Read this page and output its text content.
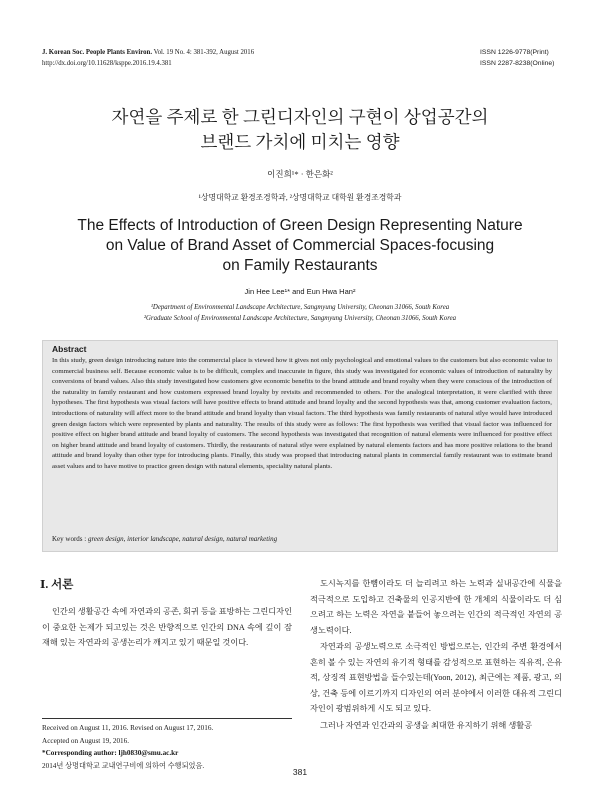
J. Korean Soc. People Plants Environ. Vol. 19 No. 4: 381-392, August 2016
http://dx.doi.org/10.11628/ksppe.2016.19.4.381
ISSN 1226-9778(Print)
ISSN 2287-8238(Online)
자연을 주제로 한 그린디자인의 구현이 상업공간의
브랜드 가치에 미치는 영향
이진희¹* · 한은화²
¹상명대학교 환경조경학과, ²상명대학교 대학원 환경조경학과
The Effects of Introduction of Green Design Representing Nature
on Value of Brand Asset of Commercial Spaces-focusing
on Family Restaurants
Jin Hee Lee¹* and Eun Hwa Han²
¹Department of Environmental Landscape Architecture, Sangmyung University, Cheonan 31066, South Korea
²Graduate School of Environmental Landscape Architecture, Sangmyung University, Cheonan 31066, South Korea
Abstract
In this study, green design introducing nature into the commercial place is viewed how it gives not only psychological and emotional values to the customers but also economic value to commercial business self. Because economic value is to be difficult, complex and inaccurate in figure, this study was investigated for economic values of introduction of naturality by conversions of brand values. Also this study investigated how customers give economic benefits to the brand attitude and brand royalty when they were conscious of the introduction of the naturality in family restaurant and how customers expressed brand loyalty by revisits and recommended to others. For the analogical interpretation, it were clarified with three hypotheses. The first hypothesis was visual factors will have positive effects to brand attitude and brand loyalty and the second hypothesis was that, among customer evaluation factors, introductions of naturality will affect more to the brand attitude and brand loyalty than visual factors. The third hypothesis was family restaurants of natural stlye would have introduced green design factors which were represented by plants and naturality. The results of this study were as follows: The first hypothesis was verified that visual factor was influenced for positive effect on higher brand attitude and brand loyalty of customers. The second hypothesis was investigated that recognition of natural elements were influenced for positive effect on higher brand attitude and brand loyalty of customers. Thirdly, the restaurants of natural stlye were explained by natural elements factors and has more positive relations to the brand attitude and brand loyalty than other type for introducing plants. Finally, this study was propsed that introducing natural plants in commercial family restaurant was to estimate brand asset values and to have motive to practice green design with natural elements, speciality natural plants.
Key words : green design, interior landscape, natural design, natural marketing
Ⅰ. 서론
인간의 생활공간 속에 자연과의 공존, 회귀 등을 표방하는 그린디자인이 중요한 논제가 되고있는 것은 반향적으로 인간의 DNA 속에 깊이 잠재해 있는 자연과의 공생논리가 깨지고 있기 때문일 것이다.

도시녹지를 한뼘이라도 더 늘리려고 하는 노력과 실내공간에 식물을 적극적으로 도입하고 건축물의 인공지반에 한 개체의 식물이라도 더 심으려고 하는 노력은 자연을 붙들어 놓으려는 인간의 적극적인 자연의 공생노력이다.

자연과의 공생노력으로 소극적인 방법으로는, 인간의 주변 환경에서 흔히 볼 수 있는 자연의 유기적 형태를 감성적으로 표현하는 직유적, 은유적, 상징적 표현방법을 들수있는데(Yoon, 2012), 최근에는 제품, 광고, 의상, 건축 등에 이르기까지 디자인의 여러 분야에서 이러한 대유적 그린디자인이 광범위하게 시도 되고 있다.

그러나 자연과 인간과의 공생을 최대한 유지하기 위해 생활공

Received on August 11, 2016. Revised on August 17, 2016.
Accepted on August 19, 2016.
*Corresponding author: ljh0830@smu.ac.kr
2014년 상명대학교 교내연구비에 의하여 수행되었음.
381
